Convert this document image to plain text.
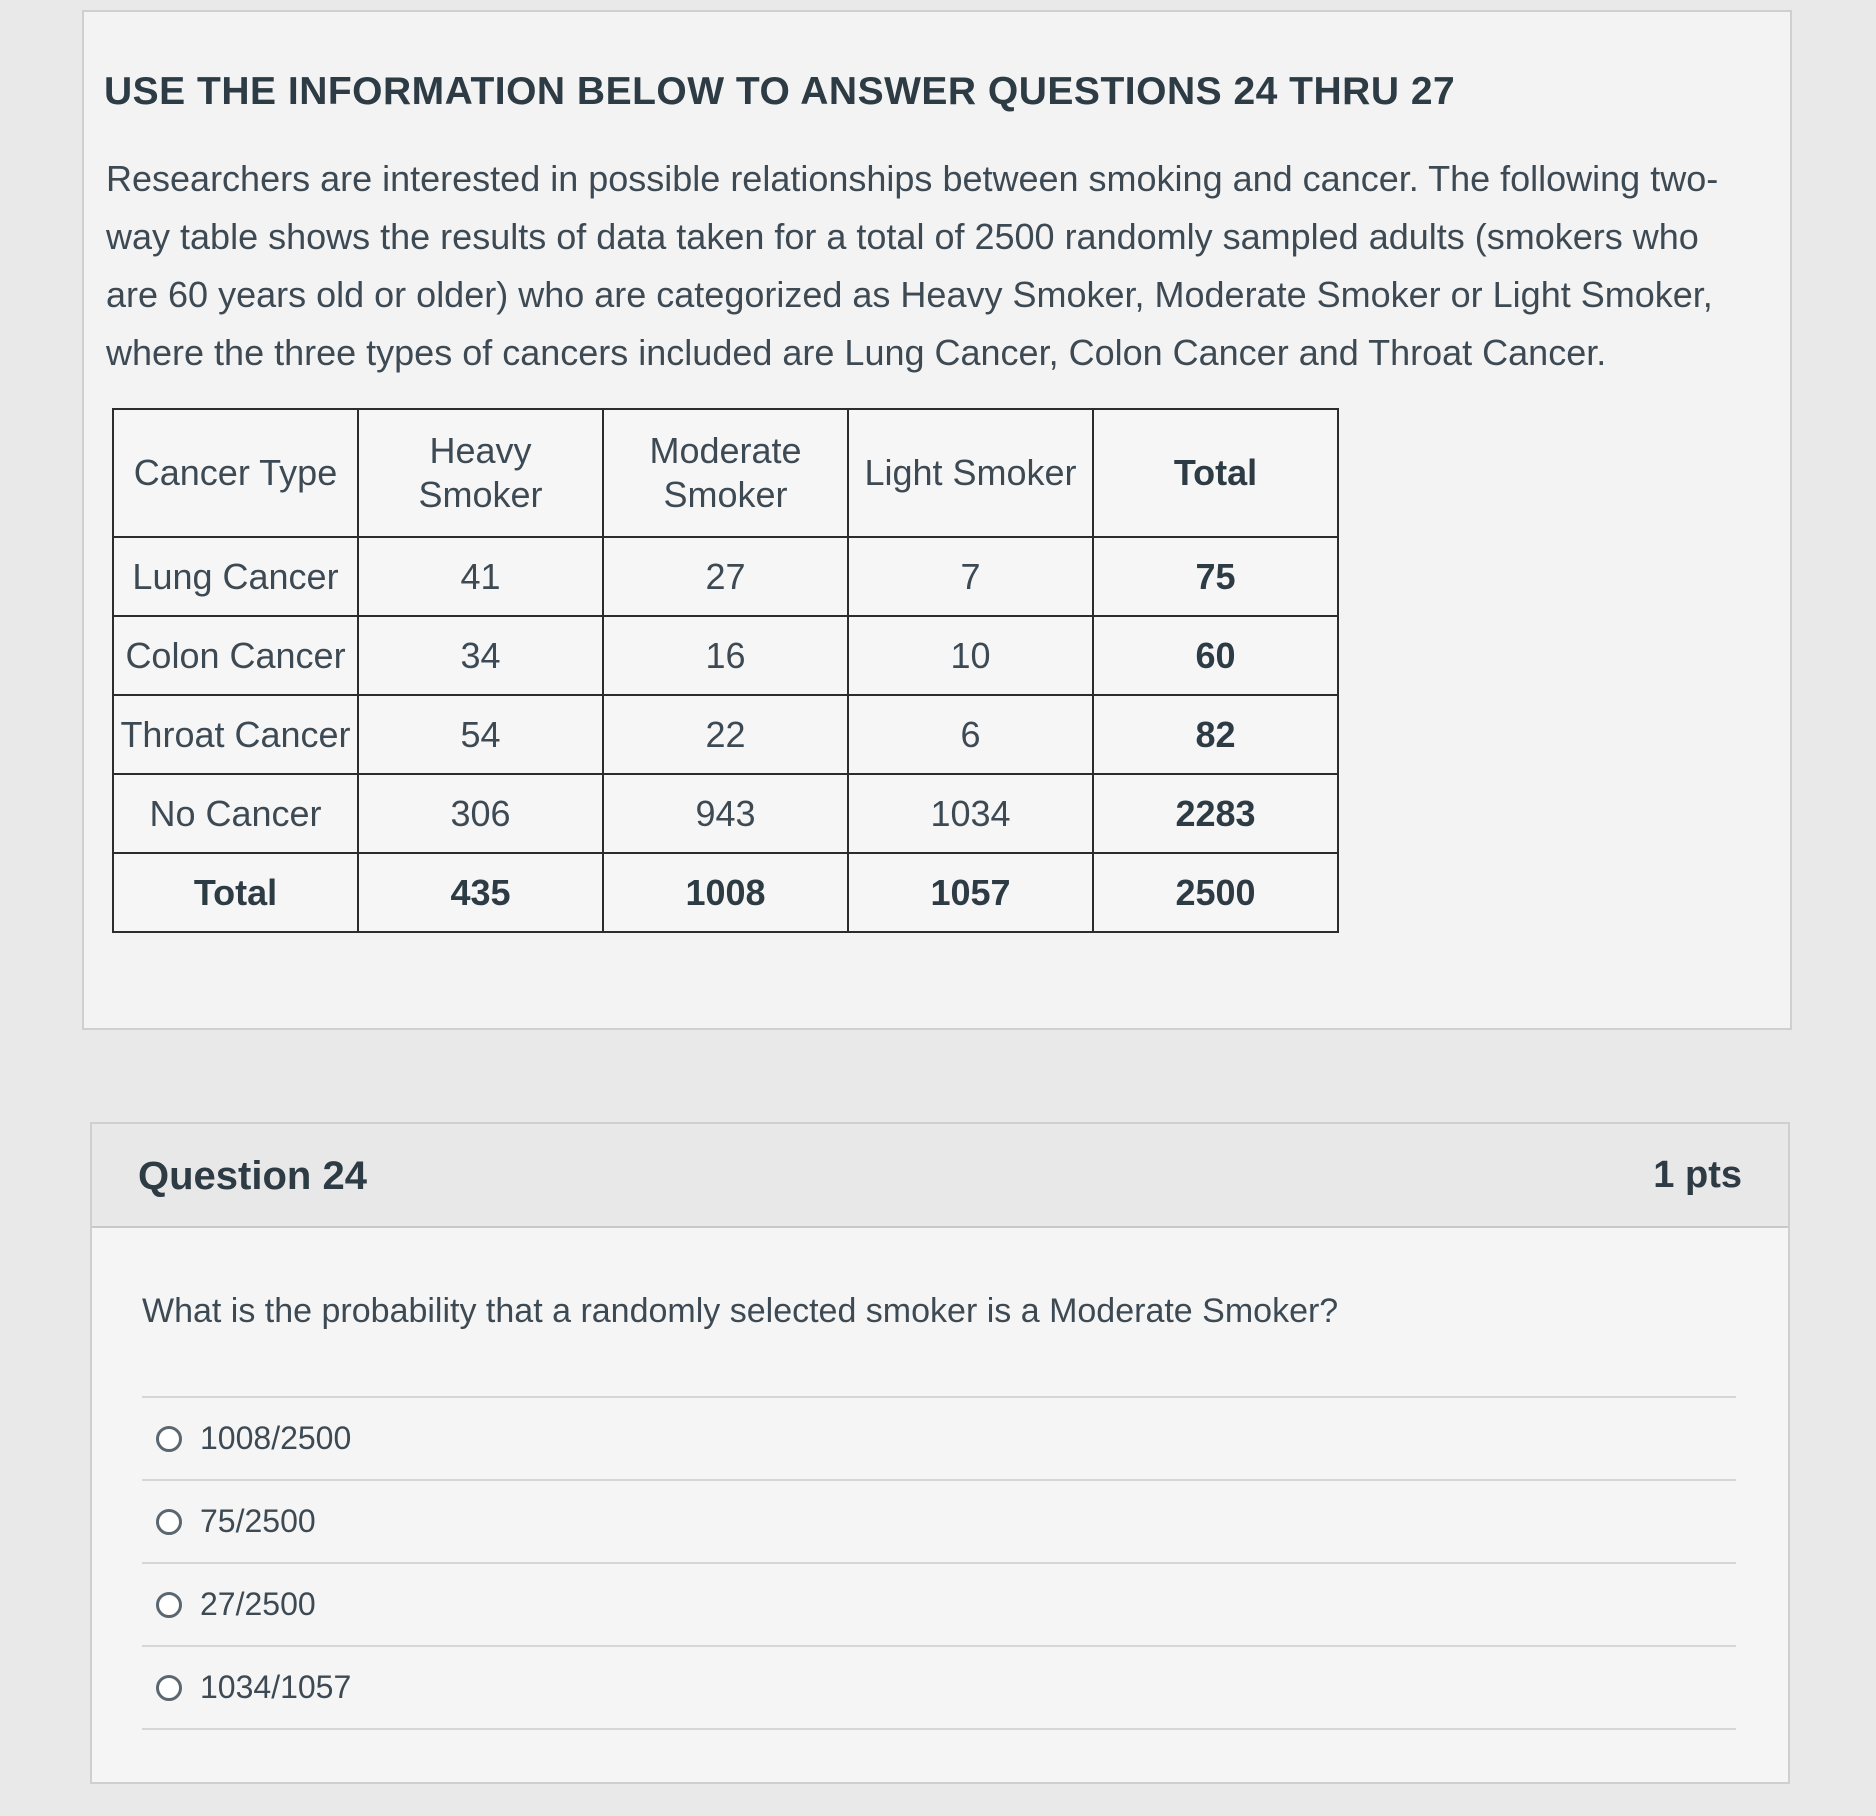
USE THE INFORMATION BELOW TO ANSWER QUESTIONS 24 THRU 27

Researchers are interested in possible relationships between smoking and cancer. The following two-way table shows the results of data taken for a total of 2500 randomly sampled adults (smokers who are 60 years old or older) who are categorized as Heavy Smoker, Moderate Smoker or Light Smoker, where the three types of cancers included are Lung Cancer, Colon Cancer and Throat Cancer.

Cancer Type	Heavy Smoker	Moderate Smoker	Light Smoker	Total
Lung Cancer	41	27	7	75
Colon Cancer	34	16	10	60
Throat Cancer	54	22	6	82
No Cancer	306	943	1034	2283
Total	435	1008	1057	2500
Question 24	1 pts

What is the probability that a randomly selected smoker is a Moderate Smoker?

1008/2500
75/2500
27/2500
1034/1057
